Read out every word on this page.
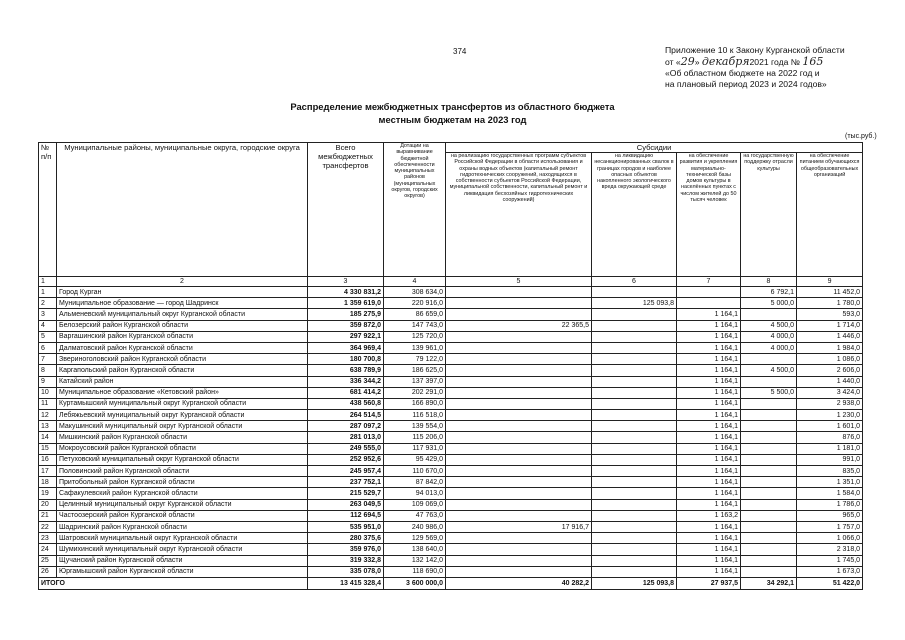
374	Приложение 10 к Закону Курганской области
от «29» декабря2021 года № 165
«Об областном бюджете на 2022 год и
на плановый период 2023 и 2024 годов»
Распределение межбюджетных трансфертов из областного бюджета
местным бюджетам на 2023 год
(тыс.руб.)
№ п/п	Муниципальные районы, муниципальные округа, городские округа	Всего межбюджетных трансфертов	Дотации на выравнивание бюджетной обеспеченности муниципальных районов (муниципальных округов, городских округов)	Субсидии				
				на реализацию государственных программ субъектов Российской Федерации в области использования и охраны водных объектов (капитальный ремонт гидротехнических сооружений, находящихся в собственности субъектов Российской Федерации, муниципальной собственности, капитальный ремонт и ликвидация бесхозяйных гидротехнических сооружений)	на ликвидацию несанкционированных свалок в границах городов и наиболее опасных объектов накопленного экологического вреда окружающей среде	на обеспечение развития и укрепления материально-технической базы домов культуры в населённых пунктах с числом жителей до 50 тысяч человек	на государственную поддержку отрасли культуры	на обеспечение питанием обучающихся общеобразовательных организаций
1	2	3	4	5	6	7	8	9
1	Город Курган	4 330 831,2	308 634,0				6 792,1	11 452,0
2	Муниципальное образование — город Шадринск	1 359 619,0	220 916,0		125 093,8		5 000,0	1 780,0
3	Альменевский муниципальный округ Курганской области	185 275,9	86 659,0			1 164,1		593,0
4	Белозерский район Курганской области	359 872,0	147 743,0	22 365,5		1 164,1	4 500,0	1 714,0
5	Варгашинский район Курганской области	297 922,1	125 720,0			1 164,1	4 000,0	1 446,0
6	Далматовский район Курганской области	364 969,4	139 961,0			1 164,1	4 000,0	1 984,0
7	Звериноголовский район Курганской области	180 700,8	79 122,0			1 164,1		1 086,0
8	Каргапольский район Курганской области	638 789,9	186 625,0			1 164,1	4 500,0	2 606,0
9	Катайский район	336 344,2	137 397,0			1 164,1		1 440,0
10	Муниципальное образование «Кетовский район»	681 414,2	202 291,0			1 164,1	5 500,0	3 424,0
11	Куртамышский муниципальный округ Курганской области	438 560,8	166 890,0			1 164,1		2 938,0
12	Лебяжьевский муниципальный округ Курганской области	264 514,5	116 518,0			1 164,1		1 230,0
13	Макушинский муниципальный округ Курганской области	287 097,2	139 554,0			1 164,1		1 601,0
14	Мишкинский район Курганской области	281 013,0	115 206,0			1 164,1		876,0
15	Мокроусовский район Курганской области	249 555,0	117 931,0			1 164,1		1 181,0
16	Петуховский муниципальный округ Курганской области	252 952,6	95 429,0			1 164,1		991,0
17	Половинский район Курганской области	245 957,4	110 670,0			1 164,1		835,0
18	Притобольный район Курганской области	237 752,1	87 842,0			1 164,1		1 351,0
19	Сафакулевский район Курганской области	215 529,7	94 013,0			1 164,1		1 584,0
20	Целинный муниципальный округ Курганской области	263 049,5	109 069,0			1 164,1		1 786,0
21	Частоозерский район Курганской области	112 694,5	47 763,0			1 163,2		965,0
22	Шадринский район Курганской области	535 951,0	240 986,0	17 916,7		1 164,1		1 757,0
23	Шатровский муниципальный округ Курганской области	280 375,6	129 569,0			1 164,1		1 066,0
24	Шумихинский муниципальный округ Курганской области	359 976,0	138 640,0			1 164,1		2 318,0
25	Щучанский район Курганской области	319 332,8	132 142,0			1 164,1		1 745,0
26	Юргамышский район Курганской области	335 078,0	118 690,0			1 164,1		1 673,0
ИТОГО		13 415 328,4	3 600 000,0	40 282,2	125 093,8	27 937,5	34 292,1	51 422,0
